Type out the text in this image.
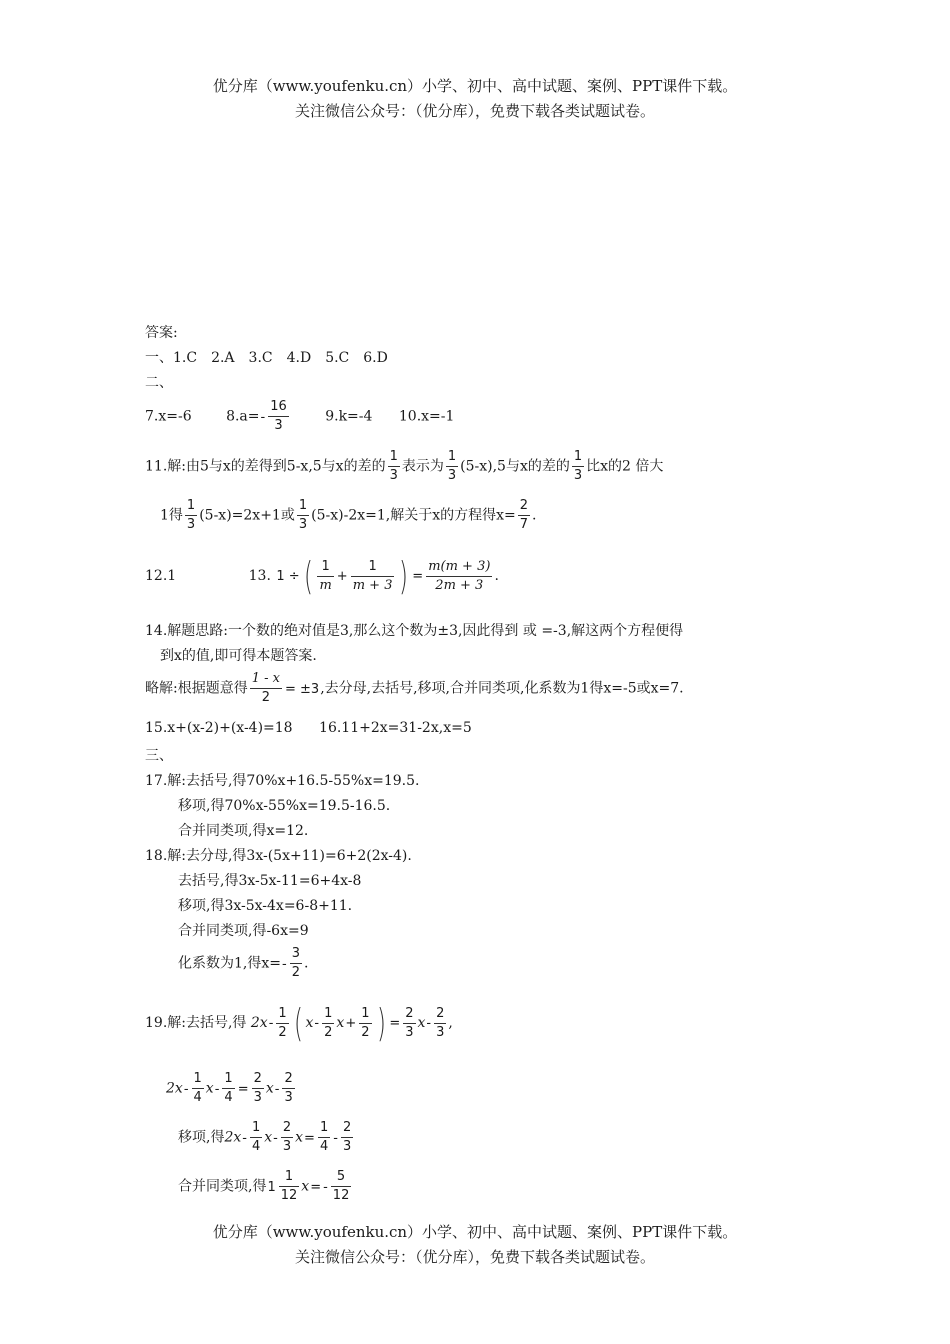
优分库（www.youfenku.cn）小学、初中、高中试题、案例、PPT课件下载。
关注微信公众号：（优分库），免费下载各类试题试卷。
答案:
一、1.C　2.A　3.C　4.D　5.C　6.D
二、
7.x=-6 $8.a=- \frac{16}{3}$	9.k=-4 10.x=-1
11.解:由5与x的差得到5-x,5与x的差的 $\frac{1}{3}$ 表示为 $\frac{1}{3} (5-x),5$与x的差的 $\frac{1}{3}$ 比x的2 倍大
1得 $\frac{1}{3} (5-x)=2x+1$或 $\frac{1}{3} (5-x)-2x=1$,解关于x的方程得$x= \frac{2}{7}$ .
12.1	13. 1 ÷ ( $\frac{1}{m} + \frac{1}{m + 3}$ ) = $\frac{m(m + 3)}{2m + 3}$ .
14.解题思路:一个数的绝对值是3,那么这个数为±3,因此得到 或 =-3,解这两个方程便得
到x的值,即可得本题答案.
略解:根据题意得 $\frac{1 - x}{2} = \pm 3$,去分母,去括号,移项,合并同类项,化系数为1得x=-5或x=7.
15.x+(x-2)+(x-4)=18 16.11+2x=31-2x,x=5
三、
17.解:去括号,得70%x+16.5-55%x=19.5.
移项,得70%x-55%x=19.5-16.5.
合并同类项,得x=12.
18.解:去分母,得3x-(5x+11)=6+2(2x-4).
去括号,得3x-5x-11=6+4x-8
移项,得3x-5x-4x=6-8+11.
合并同类项,得-6x=9
化系数为1,得$x=- \frac{3}{2}$ .
19.解:去括号,得 $2x- \frac{1}{2}$ ( $x- \frac{1}{2} x+ \frac{1}{2}$ ) = $\frac{2}{3} x- \frac{2}{3}$ ,
$2x- \frac{1}{4} x- \frac{1}{4} = \frac{2}{3} x- \frac{2}{3}$
移项,得$2x- \frac{1}{4} x- \frac{2}{3} x= \frac{1}{4} - \frac{2}{3}$
合并同类项,得$1 \frac{1}{12} x= - \frac{5}{12}$
优分库（www.youfenku.cn）小学、初中、高中试题、案例、PPT课件下载。
关注微信公众号：（优分库），免费下载各类试题试卷。
